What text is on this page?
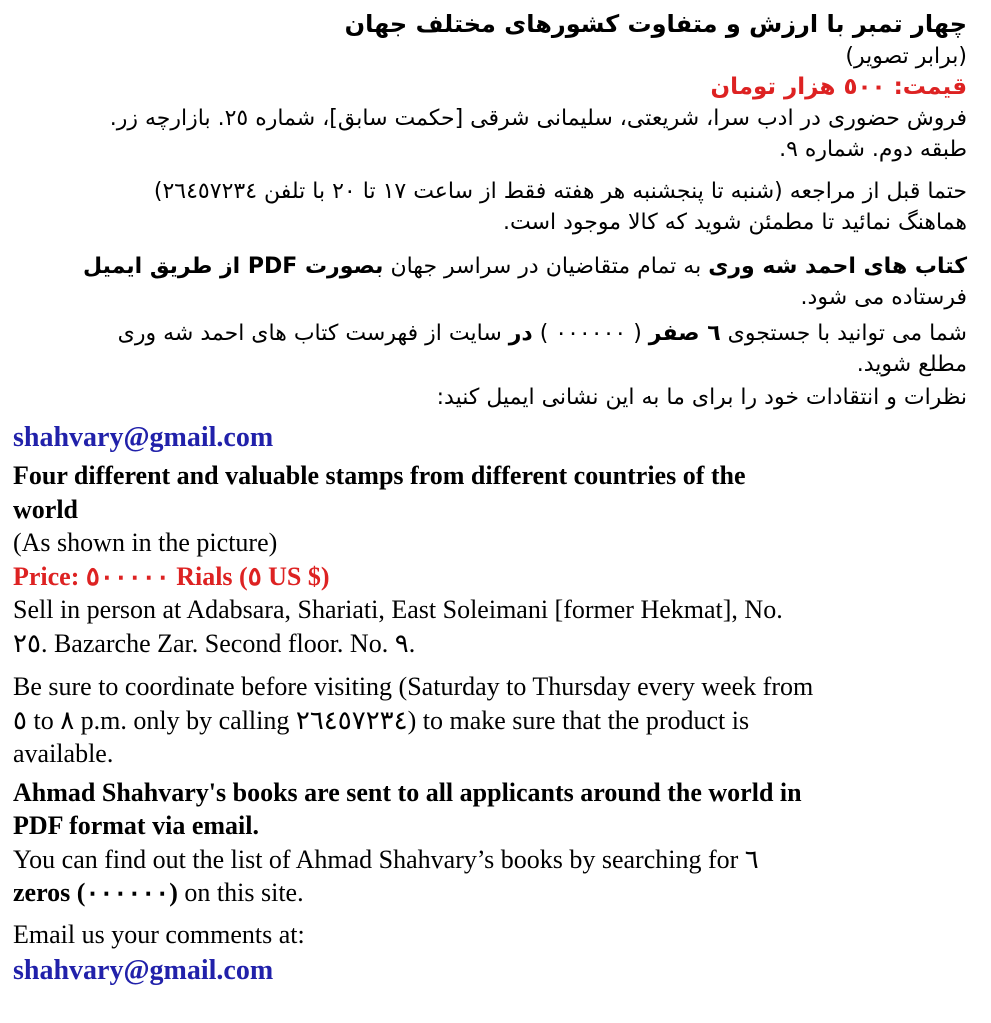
چهار تمبر با ارزش و متفاوت کشورهای مختلف جهان
(برابر تصویر)
قیمت: ٥٠٠ هزار تومان
فروش حضوری در ادب سرا، شریعتی، سلیمانی شرقی [حکمت سابق]، شماره ٢٥. بازارچه زر.
طبقه دوم. شماره ٩.
حتما قبل از مراجعه (شنبه تا پنجشنبه هر هفته فقط از ساعت ١٧ تا ٢٠ با تلفن ٢٦٤٥٧٢٣٤)
هماهنگ نمائید تا مطمئن شوید که کالا موجود است.
کتاب های احمد شه وری به تمام متقاضیان در سراسر جهان بصورت PDF از طریق ایمیل
فرستاده می شود.
شما می توانید با جستجوی ٦ صفر ( ٠٠٠٠٠٠ ) در سایت از فهرست کتاب های احمد شه وری
مطلع شوید.
نظرات و انتقادات خود را برای ما به این نشانی ایمیل کنید:
shahvary@gmail.com
Four different and valuable stamps from different countries of the
world
(As shown in the picture)
Price: ٥٠٠٠٠٠ Rials (٥ US $)
Sell in person at Adabsara, Shariati, East Soleimani [former Hekmat], No.
٢٥. Bazarche Zar. Second floor. No. ٩.
Be sure to coordinate before visiting (Saturday to Thursday every week from
٥ to ٨ p.m. only by calling ٢٦٤٥٧٢٣٤) to make sure that the product is
available.
Ahmad Shahvary's books are sent to all applicants around the world in
PDF format via email.
You can find out the list of Ahmad Shahvary’s books by searching for ٦
zeros (٠٠٠٠٠٠) on this site.
Email us your comments at:
shahvary@gmail.com
